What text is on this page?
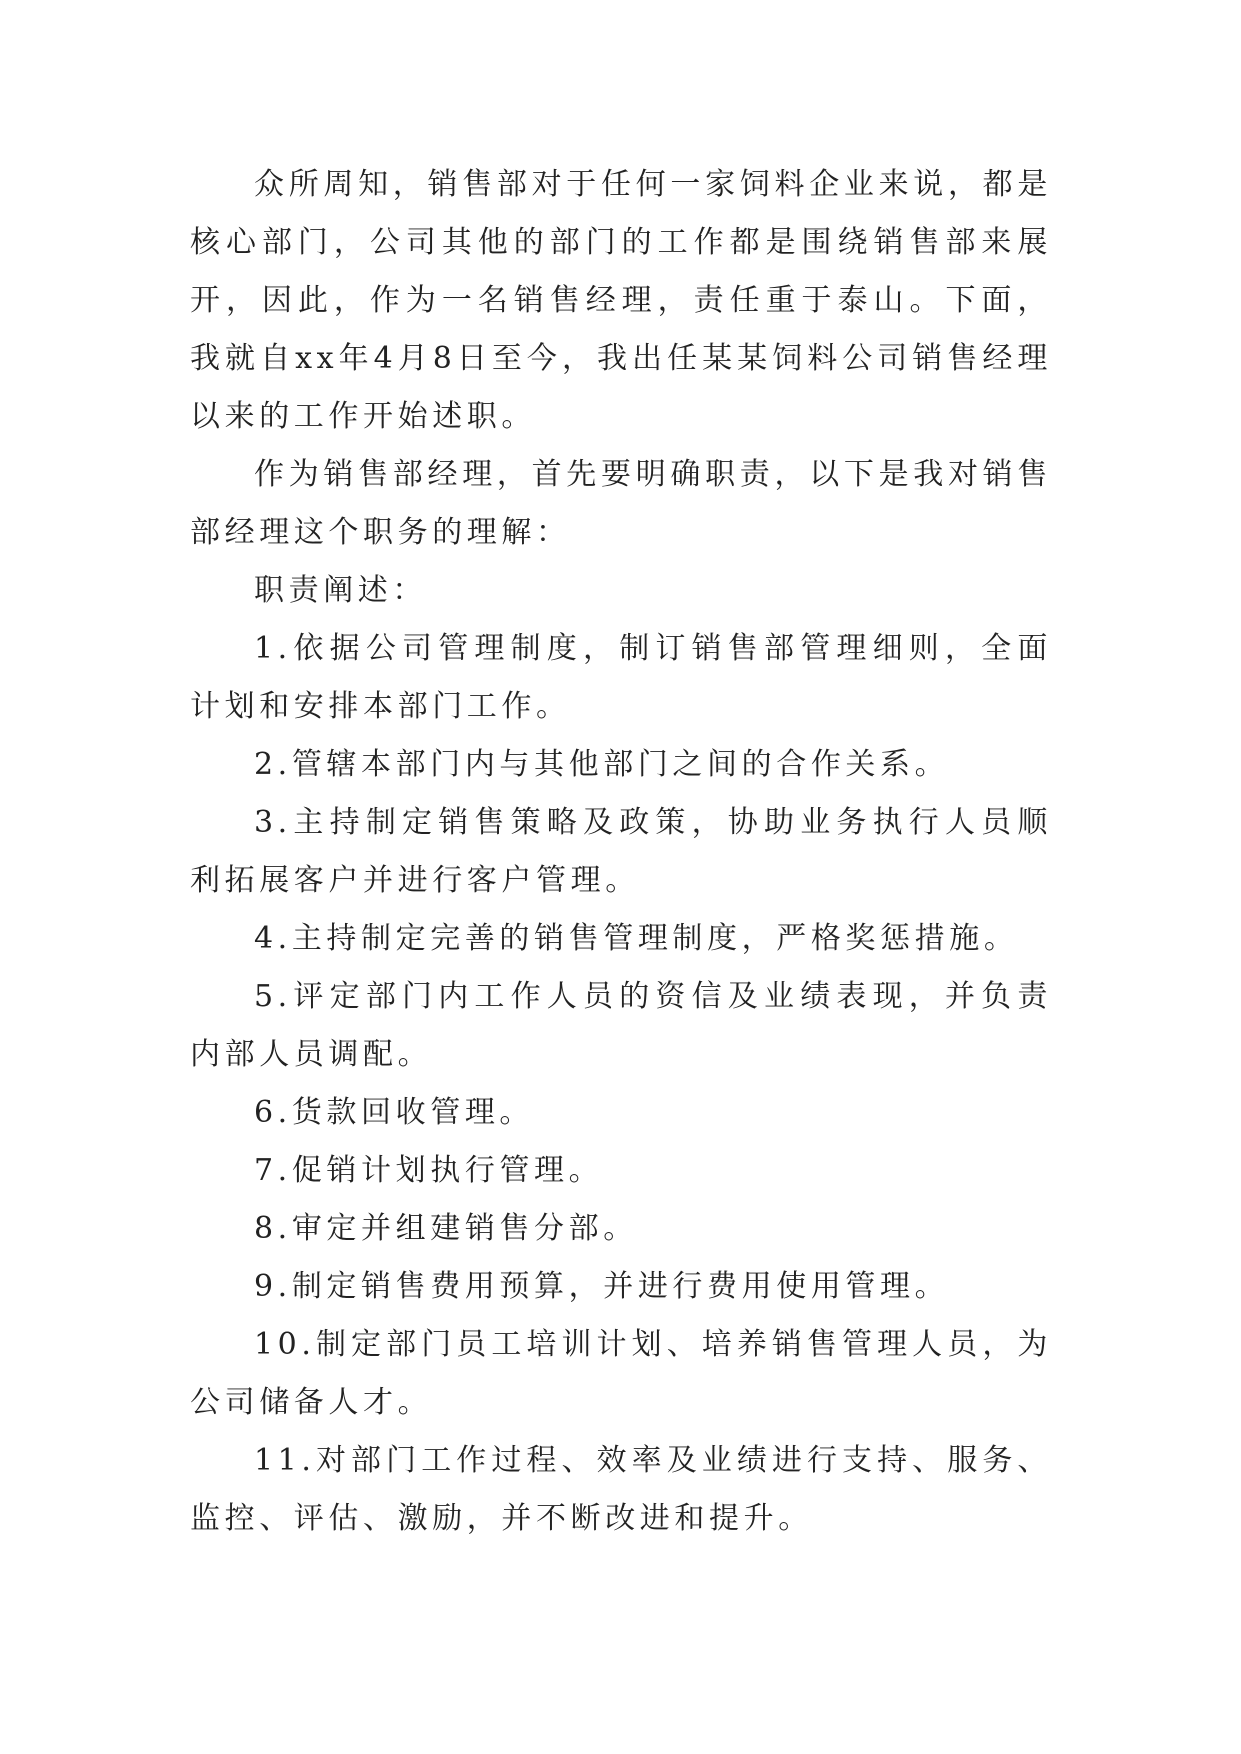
众所周知，销售部对于任何一家饲料企业来说，都是核心部门，公司其他的部门的工作都是围绕销售部来展开，因此，作为一名销售经理，责任重于泰山。下面，我就自xx年4月8日至今，我出任某某饲料公司销售经理以来的工作开始述职。

作为销售部经理，首先要明确职责，以下是我对销售部经理这个职务的理解：

职责阐述：

1.依据公司管理制度，制订销售部管理细则，全面计划和安排本部门工作。

2.管辖本部门内与其他部门之间的合作关系。

3.主持制定销售策略及政策，协助业务执行人员顺利拓展客户并进行客户管理。

4.主持制定完善的销售管理制度，严格奖惩措施。

5.评定部门内工作人员的资信及业绩表现，并负责内部人员调配。

6.货款回收管理。

7.促销计划执行管理。

8.审定并组建销售分部。

9.制定销售费用预算，并进行费用使用管理。

10.制定部门员工培训计划、培养销售管理人员，为公司储备人才。

11.对部门工作过程、效率及业绩进行支持、服务、监控、评估、激励，并不断改进和提升。
